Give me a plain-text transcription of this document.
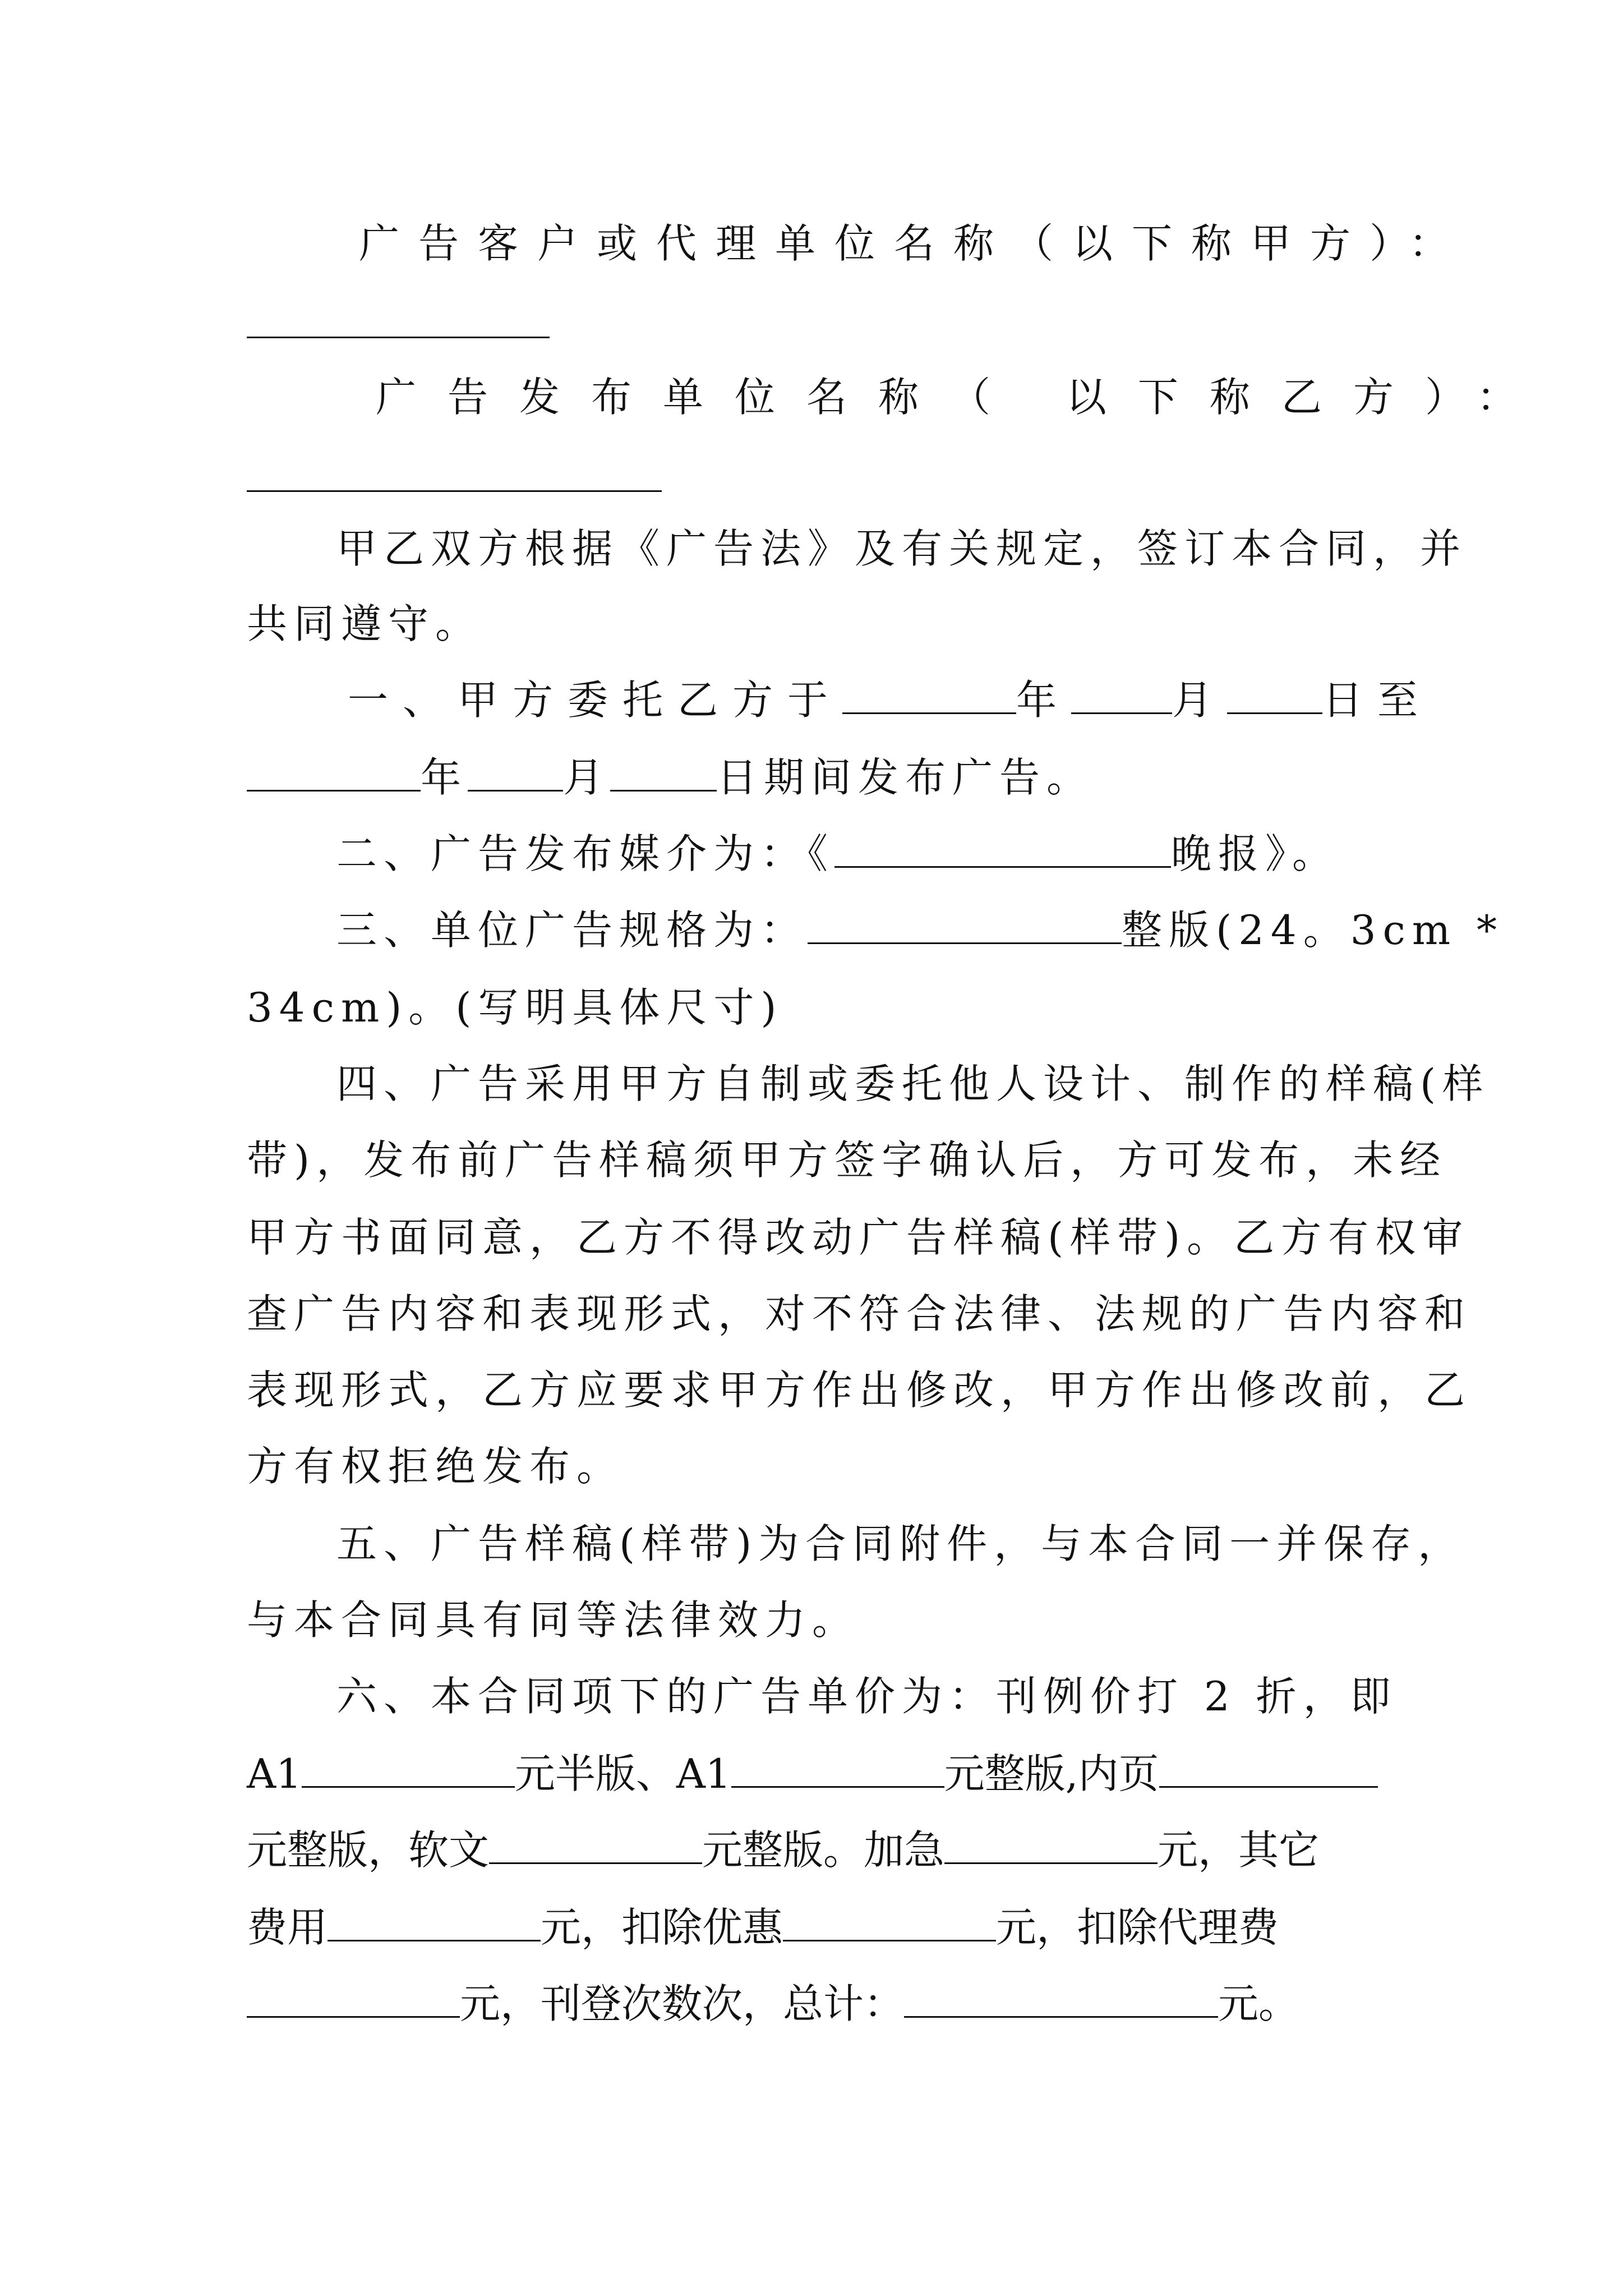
广告客户或代理单位名称（以下称甲方）：
广告发布单位名称（ 以下称乙方）：
甲乙双方根据《广告法》及有关规定，签订本合同，并
共同遵守。
一、甲方委托乙方于	年	月 日至
年 月	日期间发布广告。
二、广告发布媒介为：《	晚报》。
三、单位广告规格为：	整版(24。3cm *
34cm)。(写明具体尺寸)
四、广告采用甲方自制或委托他人设计、制作的样稿(样
带)，发布前广告样稿须甲方签字确认后，方可发布，未经
甲方书面同意，乙方不得改动广告样稿(样带)。乙方有权审
查广告内容和表现形式，对不符合法律、法规的广告内容和
表现形式，乙方应要求甲方作出修改，甲方作出修改前，乙
方有权拒绝发布。
五、广告样稿(样带)为合同附件，与本合同一并保存，
与本合同具有同等法律效力。
六、本合同项下的广告单价为：刊例价打 2 折，即
A1	元半版、A1	元整版,内页
元整版，软文	元整版。加急	元，其它
费用	元，扣除优惠	元，扣除代理费
元，刊登次数次，总计：	元。
